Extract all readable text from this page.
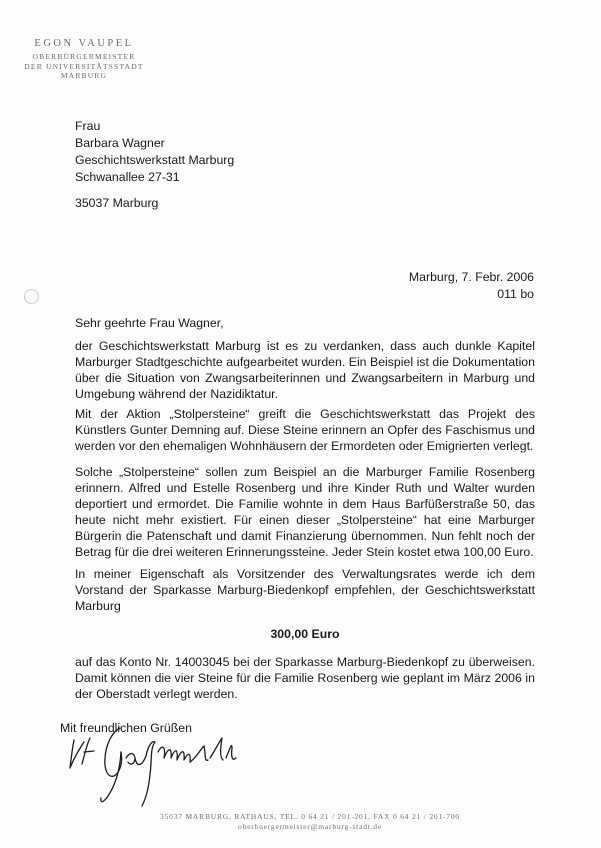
EGON VAUPEL
OBERBÜRGERMEISTER
DER UNIVERSITÄTSSTADT MARBURG
Frau
Barbara Wagner
Geschichtswerkstatt Marburg
Schwanallee 27-31
35037 Marburg
Marburg, 7. Febr. 2006
011 bo
Sehr geehrte Frau Wagner,
der Geschichtswerkstatt Marburg ist es zu verdanken, dass auch dunkle Kapitel Marburger Stadtgeschichte aufgearbeitet wurden. Ein Beispiel ist die Dokumentation über die Situation von Zwangsarbeiterinnen und Zwangsarbeitern in Marburg und Umgebung während der Nazidiktatur.
Mit der Aktion „Stolpersteine“ greift die Geschichtswerkstatt das Projekt des Künstlers Gunter Demning auf. Diese Steine erinnern an Opfer des Faschismus und werden vor den ehemaligen Wohnhäusern der Ermordeten oder Emigrierten verlegt.
Solche „Stolpersteine“ sollen zum Beispiel an die Marburger Familie Rosenberg erinnern. Alfred und Estelle Rosenberg und ihre Kinder Ruth und Walter wurden deportiert und ermordet. Die Familie wohnte in dem Haus Barfüßerstraße 50, das heute nicht mehr existiert. Für einen dieser „Stolpersteine“ hat eine Marburger Bürgerin die Patenschaft und damit Finanzierung übernommen. Nun fehlt noch der Betrag für die drei weiteren Erinnerungssteine. Jeder Stein kostet etwa 100,00 Euro.
In meiner Eigenschaft als Vorsitzender des Verwaltungsrates werde ich dem Vorstand der Sparkasse Marburg-Biedenkopf empfehlen, der Geschichtswerkstatt Marburg
300,00 Euro
auf das Konto Nr. 14003045 bei der Sparkasse Marburg-Biedenkopf zu überweisen. Damit können die vier Steine für die Familie Rosenberg wie geplant im März 2006 in der Oberstadt verlegt werden.
Mit freundlichen Grüßen
35037 MARBURG, RATHAUS, TEL. 0 64 21 / 201-201, FAX 0 64 21 / 201-700
oberbuergermeister@marburg-stadt.de
